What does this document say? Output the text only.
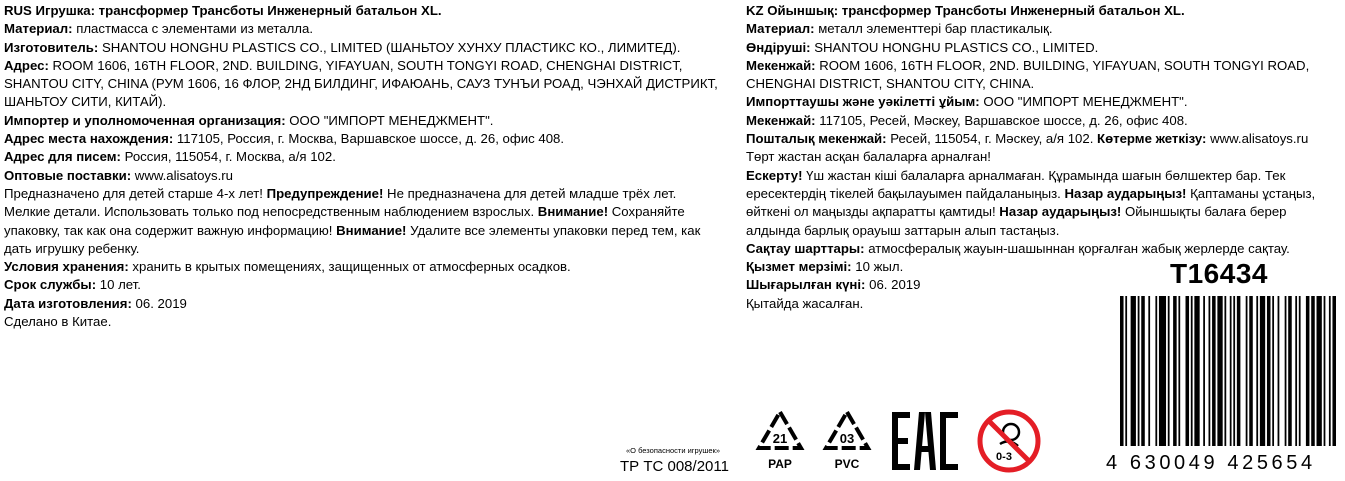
RUS Игрушка: трансформер Трансботы Инженерный батальон XL.

Материал: пластмасса с элементами из металла.

Изготовитель: SHANTOU HONGHU PLASTICS CO., LIMITED (ШАНЬТОУ ХУНХУ ПЛАСТИКС КО., ЛИМИТЕД).

Адрес: ROOM 1606, 16TH FLOOR, 2ND. BUILDING, YIFAYUAN, SOUTH TONGYI ROAD, CHENGHAI DISTRICT, SHANTOU CITY, CHINA (РУМ 1606, 16 ФЛОР, 2НД БИЛДИНГ, ИФАЮАНЬ, САУЗ ТУНЪИ РОАД, ЧЭНХАЙ ДИСТРИКТ, ШАНЬТОУ СИТИ, КИТАЙ).

Импортер и уполномоченная организация: ООО "ИМПОРТ МЕНЕДЖМЕНТ".

Адрес места нахождения: 117105, Россия, г. Москва, Варшавское шоссе, д. 26, офис 408.

Адрес для писем: Россия, 115054, г. Москва, а/я 102.

Оптовые поставки: www.alisatoys.ru

Предназначено для детей старше 4-х лет! Предупреждение! Не предназначена для детей младше трёх лет. Мелкие детали. Использовать только под непосредственным наблюдением взрослых. Внимание! Сохраняйте упаковку, так как она содержит важную информацию! Внимание! Удалите все элементы упаковки перед тем, как дать игрушку ребенку.

Условия хранения: хранить в крытых помещениях, защищенных от атмосферных осадков.

Срок службы: 10 лет.

Дата изготовления: 06. 2019

Сделано в Китае.

KZ Ойыншық: трансформер Трансботы Инженерный батальон XL.

Материал: металл элементтері бар пластикалық.

Өндіруші: SHANTOU HONGHU PLASTICS CO., LIMITED.

Мекенжай: ROOM 1606, 16TH FLOOR, 2ND. BUILDING, YIFAYUAN, SOUTH TONGYI ROAD, CHENGHAI DISTRICT, SHANTOU CITY, CHINA.

Импорттаушы және уәкілетті ұйым: ООО "ИМПОРТ МЕНЕДЖМЕНТ".

Мекенжай: 117105, Ресей, Мәскеу, Варшавское шоссе, д. 26, офис 408.

Пошталық мекенжай: Ресей, 115054, г. Мәскеу, а/я 102. Көтерме жеткізу: www.alisatoys.ru

Төрт жастан асқан балаларға арналған!

Ескерту! Үш жастан кіші балаларға арналмаған. Құрамында шағын бөлшектер бар. Тек ересектердің тікелей бақылауымен пайдаланыңыз. Назар аударыңыз! Қаптаманы ұстаңыз, өйткені ол маңызды ақпаратты қамтиды! Назар аударыңыз! Ойыншықты балаға берер алдында барлық орауыш заттарын алып тастаңыз.

Сақтау шарттары: атмосфералық жауын-шашыннан қорғалған жабық жерлерде сақтау.

Қызмет мерзімі: 10 жыл.

Шығарылған күні: 06. 2019

Қытайда жасалған.

T16434
4 630049 425654
«О безопасности игрушек»
ТР ТС 008/2011
21
PAP
03
PVC	0-3
